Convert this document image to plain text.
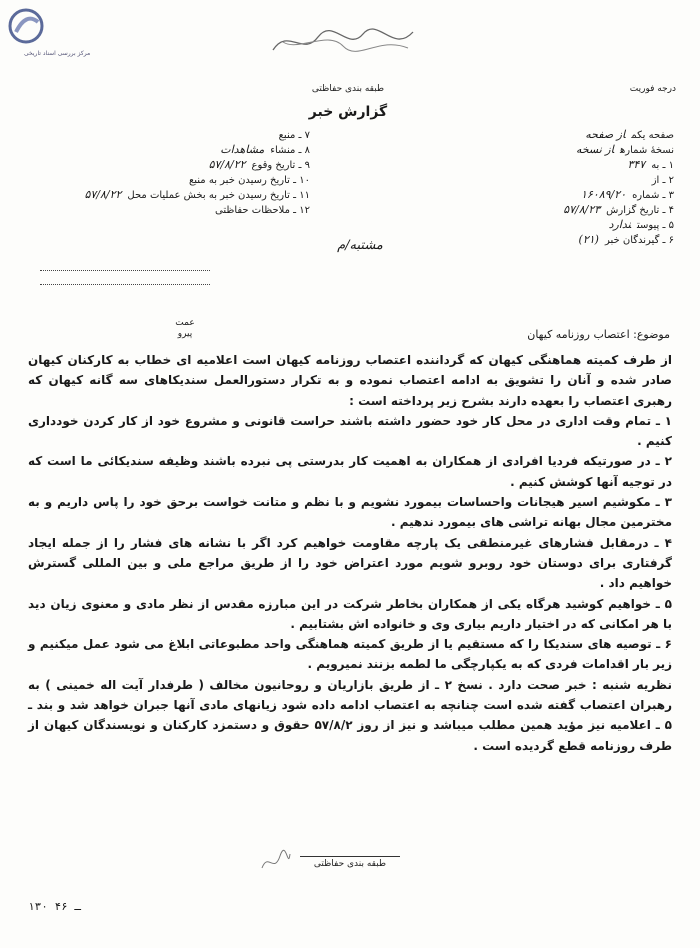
مرکز بررسی اسناد تاریخی
طبقه بندی حفاظتی
گزارش خبر
درجه فوریت
۷ ـ منبع
۸ ـ منشاءمشاهدات
۹ ـ تاریخ وقوع۵۷/۸/۲۲
۱۰ ـ تاریخ رسیدن خبر به منبع
۱۱ ـ تاریخ رسیدن خبر به بخش عملیات محل۵۷/۸/۲۲
۱۲ ـ ملاحظات حفاظتی
صفحه یکماز صفحه
نسخهٔ شمارهاز نسخه
۱ ـ به۳۴۷
۲ ـ از
۳ ـ شماره۱۶۰۸۹/۲۰
۴ ـ تاریخ گزارش۵۷/۸/۲۳
۵ ـ پیوستندارد
۶ ـ گیرندگان خبر(۲۱)
مشتبه/م
عمت
پیرو	موضوع: اعتصاب روزنامه کیهان

از طرف کمیته هماهنگی کیهان که گرداننده اعتصاب روزنامه کیهان است اعلامیه ای خطاب به کارکنان کیهان صادر شده و آنان را تشویق به ادامه اعتصاب نموده و به تکرار دستورالعمل سندیکاهای سه گانه کیهان که رهبری اعتصاب را بعهده دارند بشرح زیر پرداخته است :

۱ ـ تمام وقت اداری در محل کار خود حضور داشته باشند حراست قانونی و مشروع خود از کار کردن خودداری کنیم .

۲ ـ در صورتیکه فردیا افرادی از همکاران به اهمیت کار بدرستی پی نبرده باشند وظیفه سندیکائی ما است که در توجیه آنها کوشش کنیم .

۳ ـ مکوشیم اسیر هیجانات واحساسات بیمورد نشویم و با نظم و متانت خواست برحق خود را پاس داریم و به مخترمین مجال بهانه تراشی های بیمورد ندهیم .

۴ ـ درمقابل فشارهای غیرمنطقی یک پارچه مقاومت خواهیم کرد اگر با نشانه های فشار را از جمله ایجاد گرفتاری برای دوستان خود روبرو شویم مورد اعتراض خود را از طریق مراجع ملی و بین المللی گسترش خواهیم داد .

۵ ـ خواهیم کوشید هرگاه یکی از همکاران بخاطر شرکت در این مبارزه مقدس از نظر مادی و معنوی زیان دید با هر امکانی که در اختیار داریم بیاری وی و خانواده اش بشتابیم .

۶ ـ توصیه های سندیکا را که مستقیم یا از طریق کمیته هماهنگی واحد مطبوعاتی ابلاغ می شود عمل میکنیم و زیر بار اقدامات فردی که به یکپارچگی ما لطمه بزنند نمیرویم .

نظریه شنبه : خبر صحت دارد . نسخ ۲ ـ از طریق بازاریان و روحانیون مخالف ( طرفدار آیت اله خمینی ) به رهبران اعتصاب گفته شده است چنانچه به اعتصاب ادامه داده شود زیانهای مادی آنها جبران خواهد شد و بند ـ ۵ ـ اعلامیه نیز مؤید همین مطلب میباشد و نیز از روز ۵۷/۸/۲ حقوق و دستمزد کارکنان و نویسندگان کیهان از طرف روزنامه قطع گردیده است .

طبقه بندی حفاظتی
۱۳۰ ـ ۴۶
